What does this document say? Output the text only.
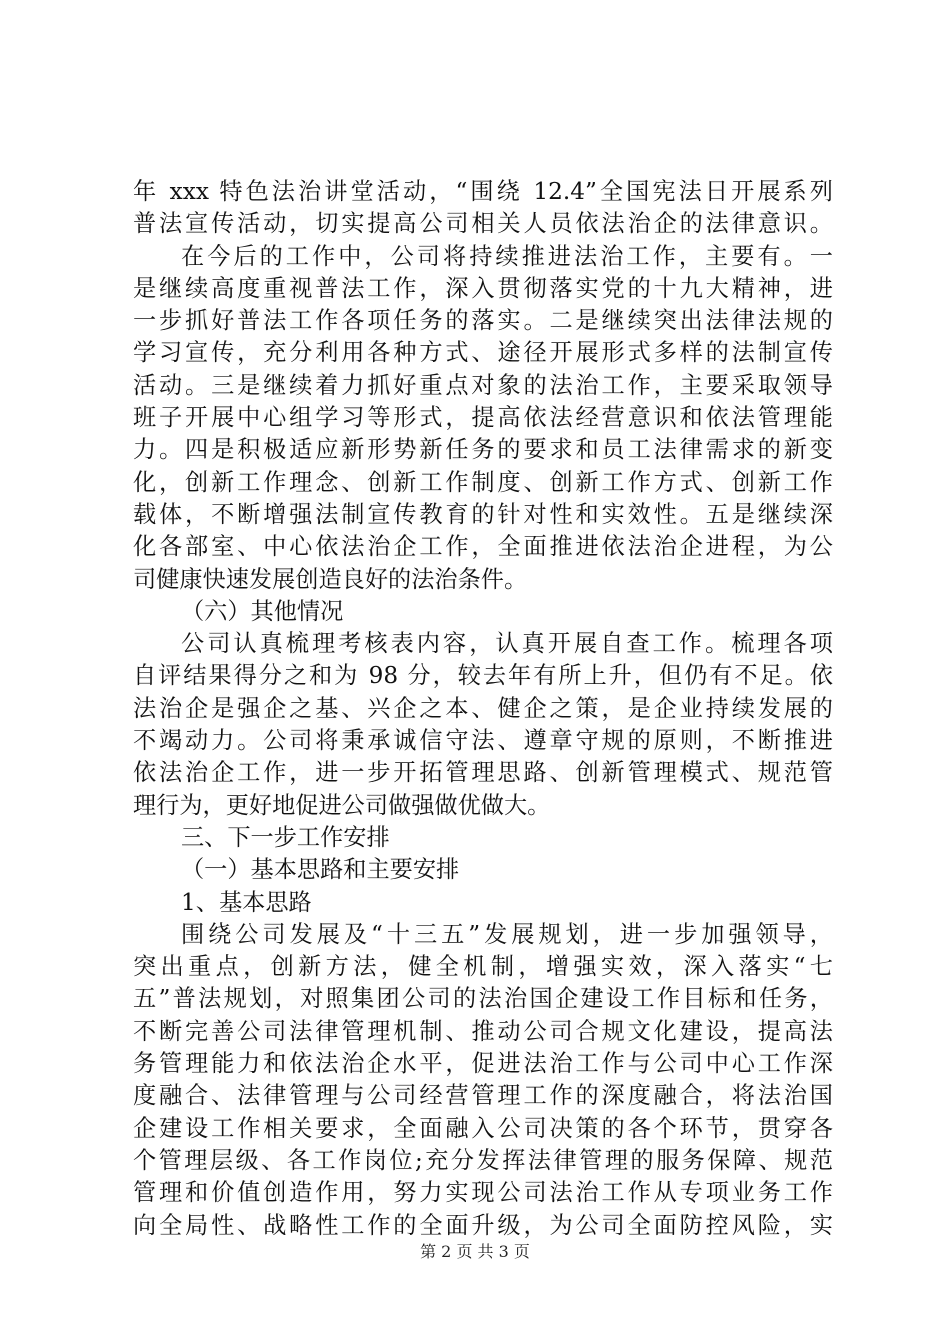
年 xxx 特色法治讲堂活动，“围绕 12.4”全国宪法日开展系列
普法宣传活动，切实提高公司相关人员依法治企的法律意识。
在今后的工作中，公司将持续推进法治工作，主要有。一
是继续高度重视普法工作，深入贯彻落实党的十九大精神，进
一步抓好普法工作各项任务的落实。二是继续突出法律法规的
学习宣传，充分利用各种方式、途径开展形式多样的法制宣传
活动。三是继续着力抓好重点对象的法治工作，主要采取领导
班子开展中心组学习等形式，提高依法经营意识和依法管理能
力。四是积极适应新形势新任务的要求和员工法律需求的新变
化，创新工作理念、创新工作制度、创新工作方式、创新工作
载体，不断增强法制宣传教育的针对性和实效性。五是继续深
化各部室、中心依法治企工作，全面推进依法治企进程，为公
司健康快速发展创造良好的法治条件。
（六）其他情况
公司认真梳理考核表内容，认真开展自查工作。梳理各项
自评结果得分之和为 98 分，较去年有所上升，但仍有不足。依
法治企是强企之基、兴企之本、健企之策，是企业持续发展的
不竭动力。公司将秉承诚信守法、遵章守规的原则，不断推进
依法治企工作，进一步开拓管理思路、创新管理模式、规范管
理行为，更好地促进公司做强做优做大。
三、下一步工作安排
（一）基本思路和主要安排
1、基本思路
围绕公司发展及“十三五”发展规划，进一步加强领导，
突出重点，创新方法，健全机制，增强实效，深入落实“七
五”普法规划，对照集团公司的法治国企建设工作目标和任务，
不断完善公司法律管理机制、推动公司合规文化建设，提高法
务管理能力和依法治企水平，促进法治工作与公司中心工作深
度融合、法律管理与公司经营管理工作的深度融合，将法治国
企建设工作相关要求，全面融入公司决策的各个环节，贯穿各
个管理层级、各工作岗位;充分发挥法律管理的服务保障、规范
管理和价值创造作用，努力实现公司法治工作从专项业务工作
向全局性、战略性工作的全面升级，为公司全面防控风险，实
第 2 页 共 3 页
